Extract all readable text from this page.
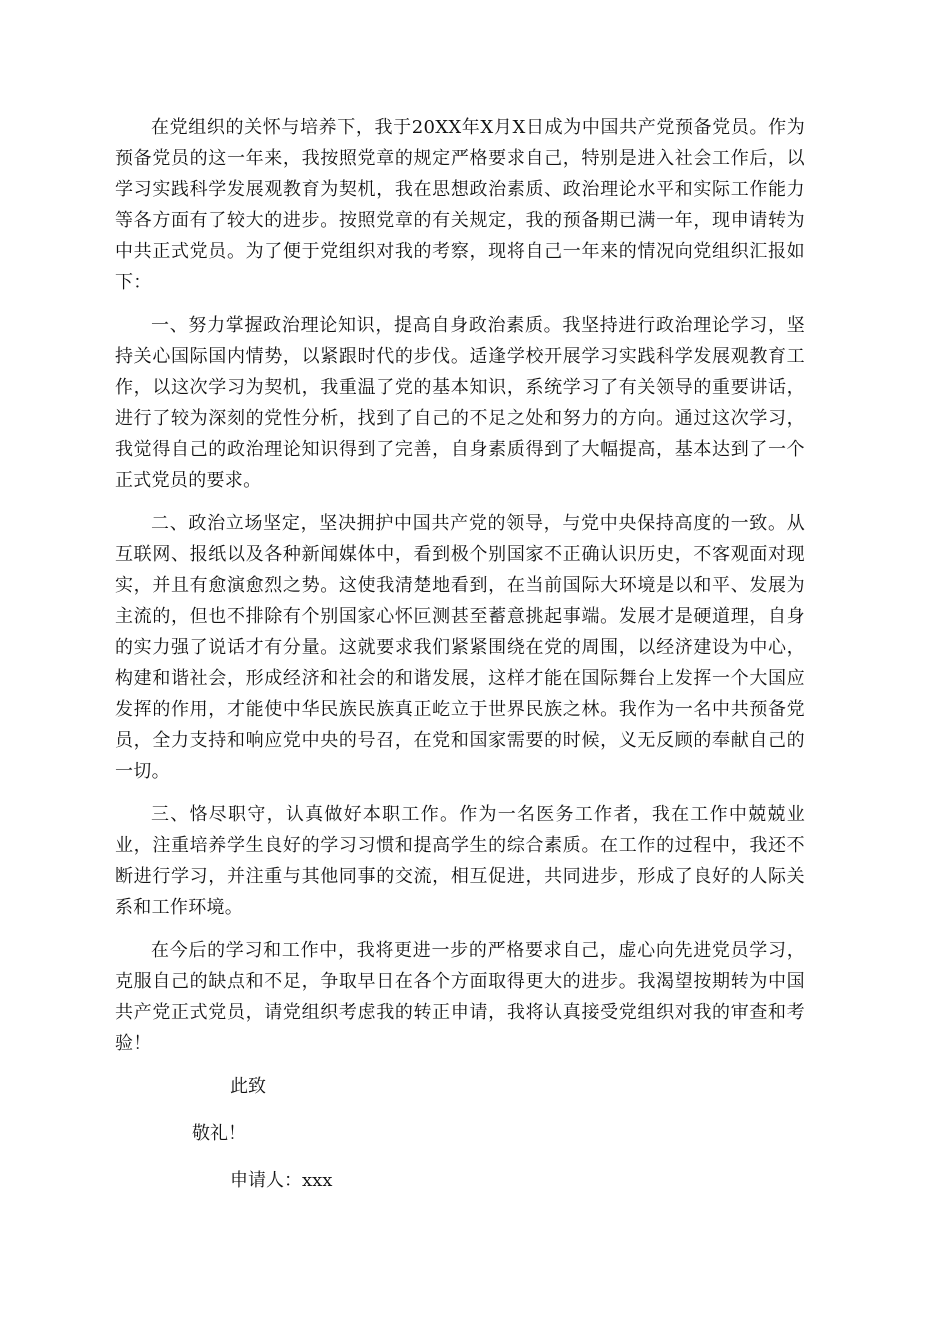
在党组织的关怀与培养下，我于20XX年X月X日成为中国共产党预备党员。作为预备党员的这一年来，我按照党章的规定严格要求自己，特别是进入社会工作后，以学习实践科学发展观教育为契机，我在思想政治素质、政治理论水平和实际工作能力等各方面有了较大的进步。按照党章的有关规定，我的预备期已满一年，现申请转为中共正式党员。为了便于党组织对我的考察，现将自己一年来的情况向党组织汇报如下：

一、努力掌握政治理论知识，提高自身政治素质。我坚持进行政治理论学习，坚持关心国际国内情势，以紧跟时代的步伐。适逢学校开展学习实践科学发展观教育工作，以这次学习为契机，我重温了党的基本知识，系统学习了有关领导的重要讲话，进行了较为深刻的党性分析，找到了自己的不足之处和努力的方向。通过这次学习，我觉得自己的政治理论知识得到了完善，自身素质得到了大幅提高，基本达到了一个正式党员的要求。

二、政治立场坚定，坚决拥护中国共产党的领导，与党中央保持高度的一致。从互联网、报纸以及各种新闻媒体中，看到极个别国家不正确认识历史，不客观面对现实，并且有愈演愈烈之势。这使我清楚地看到，在当前国际大环境是以和平、发展为主流的，但也不排除有个别国家心怀叵测甚至蓄意挑起事端。发展才是硬道理，自身的实力强了说话才有分量。这就要求我们紧紧围绕在党的周围，以经济建设为中心，构建和谐社会，形成经济和社会的和谐发展，这样才能在国际舞台上发挥一个大国应发挥的作用，才能使中华民族民族真正屹立于世界民族之林。我作为一名中共预备党员，全力支持和响应党中央的号召，在党和国家需要的时候，义无反顾的奉献自己的一切。

三、恪尽职守，认真做好本职工作。作为一名医务工作者，我在工作中兢兢业业，注重培养学生良好的学习习惯和提高学生的综合素质。在工作的过程中，我还不断进行学习，并注重与其他同事的交流，相互促进，共同进步，形成了良好的人际关系和工作环境。

在今后的学习和工作中，我将更进一步的严格要求自己，虚心向先进党员学习，克服自己的缺点和不足，争取早日在各个方面取得更大的进步。我渴望按期转为中国共产党正式党员，请党组织考虑我的转正申请，我将认真接受党组织对我的审查和考验！

此致

敬礼！

申请人：xxx
